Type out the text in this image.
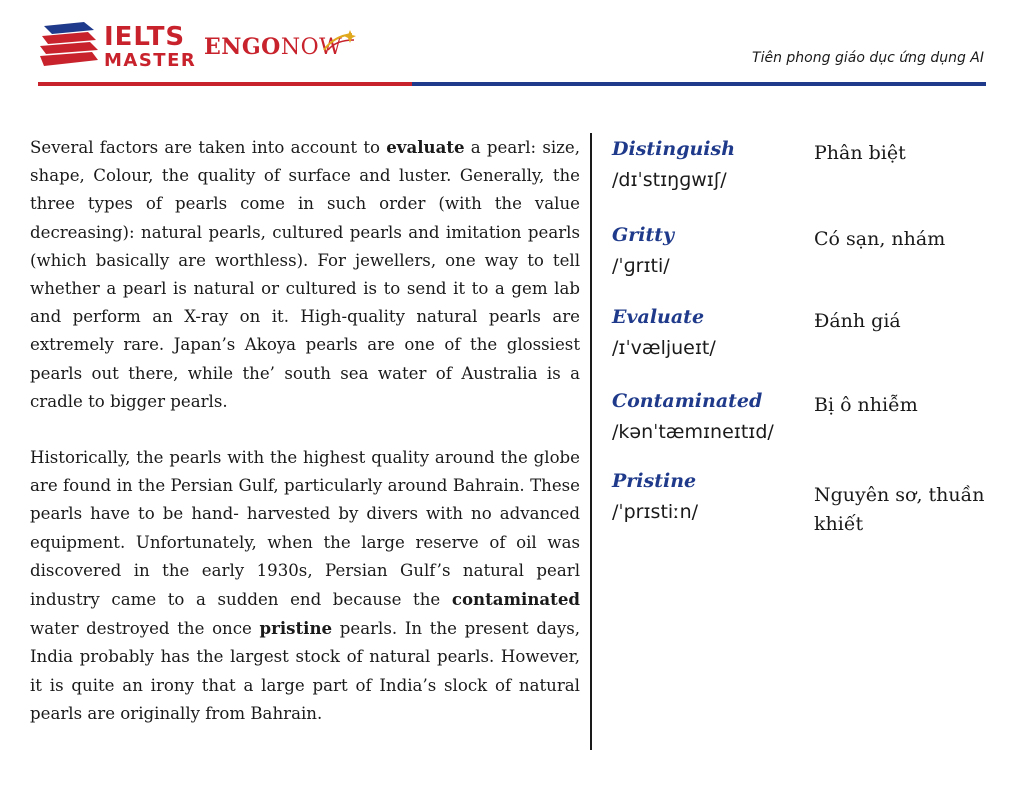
IELTS
MASTER
ENGONOW	Tiên phong giáo dục ứng dụng AI

Several factors are taken into account to evaluate a pearl: size, shape, Colour, the quality of surface and luster. Generally, the three types of pearls come in such order (with the value decreasing): natural pearls, cultured pearls and imitation pearls (which basically are worthless). For jewellers, one way to tell whether a pearl is natural or cultured is to send it to a gem lab and perform an X-ray on it. High-quality natural pearls are extremely rare. Japan’s Akoya pearls are one of the glossiest pearls out there, while the’ south sea water of Australia is a cradle to bigger pearls.

Historically, the pearls with the highest quality around the globe are found in the Persian Gulf, particularly around Bahrain. These pearls have to be hand- harvested by divers with no advanced equipment. Unfortunately, when the large reserve of oil was discovered in the early 1930s, Persian Gulf’s natural pearl industry came to a sudden end because the contaminated water destroyed the once pristine pearls. In the present days, India probably has the largest stock of natural pearls. However, it is quite an irony that a large part of India’s slock of natural pearls are originally from Bahrain.

Distinguish
/dɪˈstɪŋɡwɪʃ/
Phân biệt
Gritty
/ˈɡrɪti/
Có sạn, nhám
Evaluate
/ɪˈvæljueɪt/
Đánh giá
Contaminated
/kənˈtæmɪneɪtɪd/
Bị ô nhiễm
Pristine
/ˈprɪstiːn/
Nguyên sơ, thuần khiết
